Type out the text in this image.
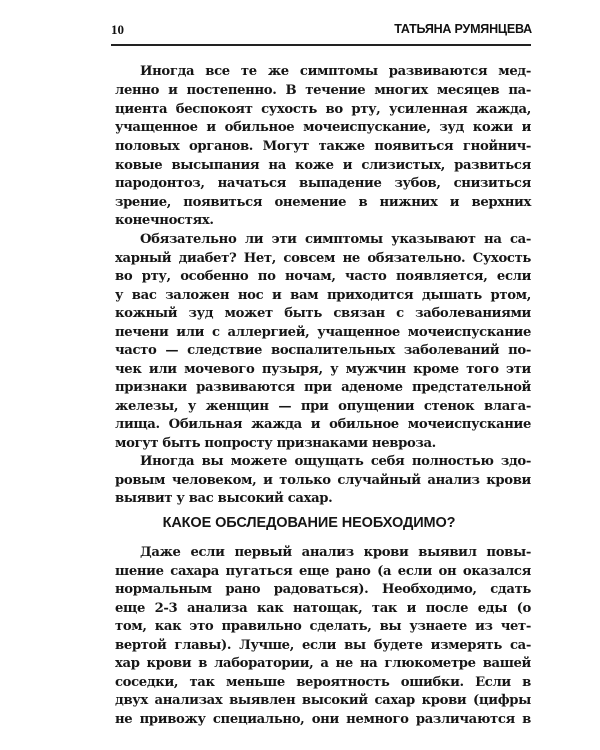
10	ТАТЬЯНА РУМЯНЦЕВА
Иногда все те же симптомы развиваются мед-
ленно и постепенно. В течение многих месяцев па-
циента беспокоят сухость во рту, усиленная жажда,
учащенное и обильное мочеиспускание, зуд кожи и
половых органов. Могут также появиться гнойнич-
ковые высыпания на коже и слизистых, развиться
пародонтоз, начаться выпадение зубов, снизиться
зрение, появиться онемение в нижних и верхних
конечностях.
Обязательно ли эти симптомы указывают на са-
харный диабет? Нет, совсем не обязательно. Сухость
во рту, особенно по ночам, часто появляется, если
у вас заложен нос и вам приходится дышать ртом,
кожный зуд может быть связан с заболеваниями
печени или с аллергией, учащенное мочеиспускание
часто — следствие воспалительных заболеваний по-
чек или мочевого пузыря, у мужчин кроме того эти
признаки развиваются при аденоме предстательной
железы, у женщин — при опущении стенок влага-
лища. Обильная жажда и обильное мочеиспускание
могут быть попросту признаками невроза.
Иногда вы можете ощущать себя полностью здо-
ровым человеком, и только случайный анализ крови
выявит у вас высокий сахар.
КАКОЕ ОБСЛЕДОВАНИЕ НЕОБХОДИМО?
Даже если первый анализ крови выявил повы-
шение сахара пугаться еще рано (а если он оказался
нормальным рано радоваться). Необходимо, сдать
еще 2-3 анализа как натощак, так и после еды (о
том, как это правильно сделать, вы узнаете из чет-
вертой главы). Лучше, если вы будете измерять са-
хар крови в лаборатории, а не на глюкометре вашей
соседки, так меньше вероятность ошибки. Если в
двух анализах выявлен высокий сахар крови (цифры
не привожу специально, они немного различаются в
